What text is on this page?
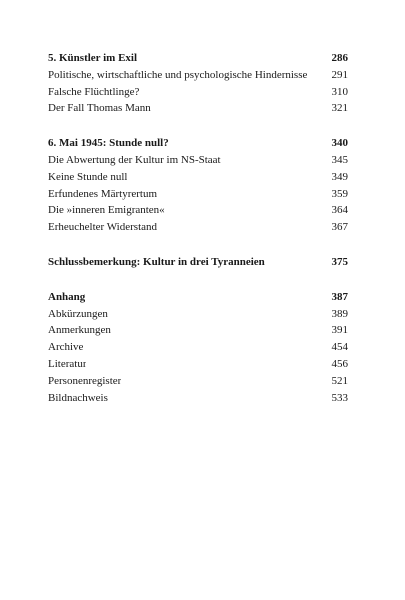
5. Künstler im Exil	286
Politische, wirtschaftliche und psychologische Hindernisse	291
Falsche Flüchtlinge?	310
Der Fall Thomas Mann	321
6. Mai 1945: Stunde null?	340
Die Abwertung der Kultur im NS-Staat	345
Keine Stunde null	349
Erfundenes Märtyrertum	359
Die »inneren Emigranten«	364
Erheuchelter Widerstand	367
Schlussbemerkung: Kultur in drei Tyranneien	375
Anhang	387
Abkürzungen	389
Anmerkungen	391
Archive	454
Literatur	456
Personenregister	521
Bildnachweis	533
